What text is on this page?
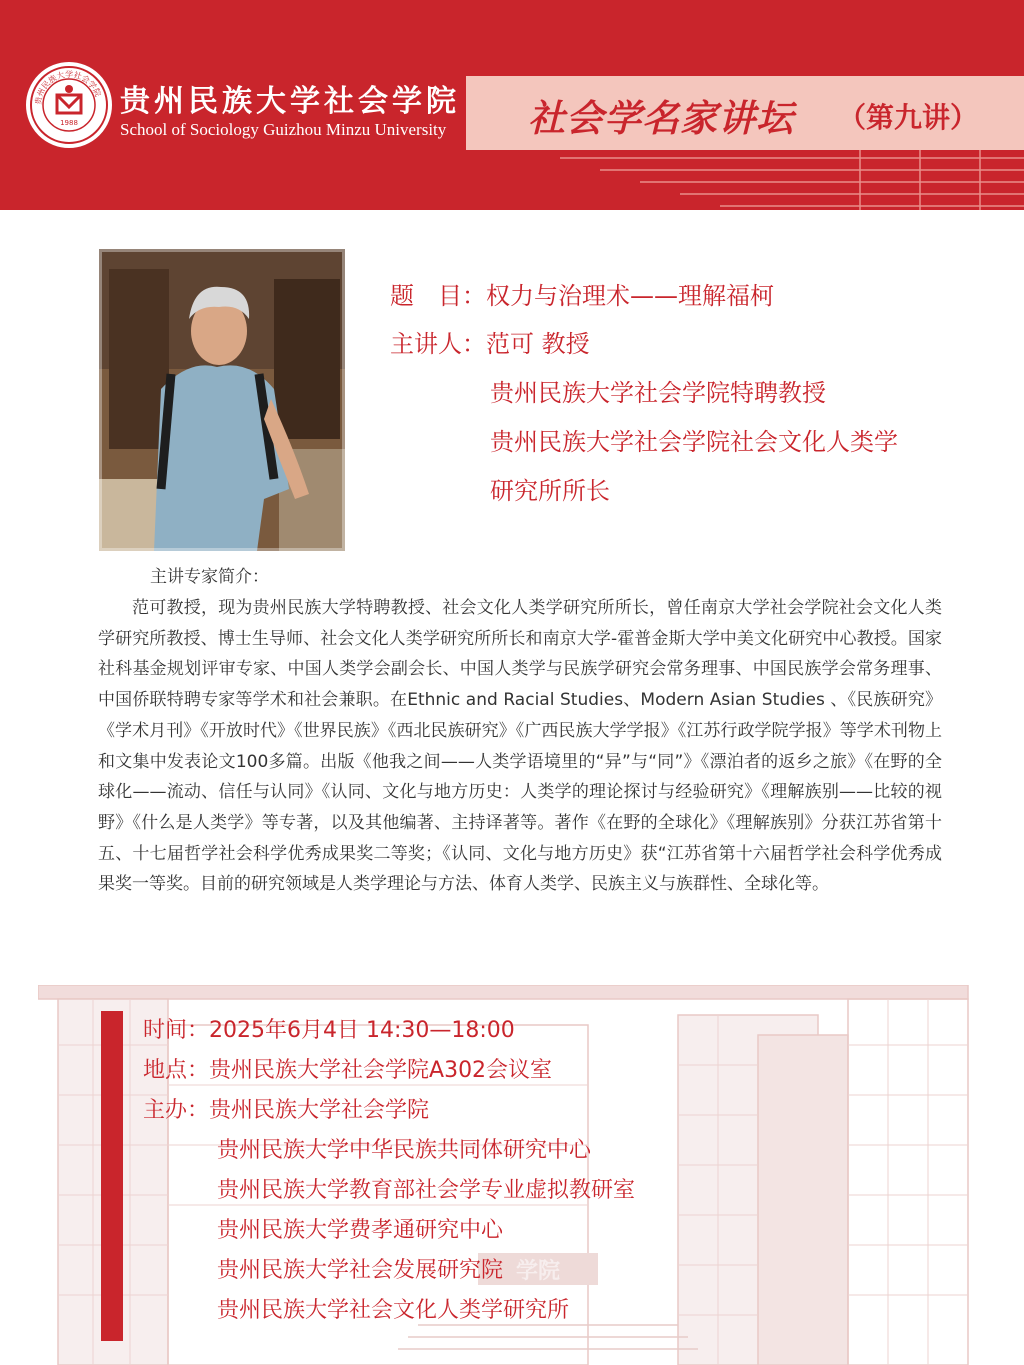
贵州民族大学社会学院
1988
贵州民族大学社会学院
School of Sociology Guizhou Minzu University 社会学名家讲坛 （第九讲）
题　目：权力与治理术——理解福柯
主讲人：范可 教授
贵州民族大学社会学院特聘教授
贵州民族大学社会学院社会文化人类学
研究所所长
主讲专家简介：

范可教授，现为贵州民族大学特聘教授、社会文化人类学研究所所长，曾任南京大学社会学院社会文化人类学研究所教授、博士生导师、社会文化人类学研究所所长和南京大学-霍普金斯大学中美文化研究中心教授。国家社科基金规划评审专家、中国人类学会副会长、中国人类学与民族学研究会常务理事、中国民族学会常务理事、中国侨联特聘专家等学术和社会兼职。在Ethnic and Racial Studies、Modern Asian Studies 、《民族研究》《学术月刊》《开放时代》《世界民族》《西北民族研究》《广西民族大学学报》《江苏行政学院学报》等学术刊物上和文集中发表论文100多篇。出版《他我之间——人类学语境里的“异”与“同”》《漂泊者的返乡之旅》《在野的全球化——流动、信任与认同》《认同、文化与地方历史：人类学的理论探讨与经验研究》《理解族别——比较的视野》《什么是人类学》等专著，以及其他编著、主持译著等。著作《在野的全球化》《理解族别》分获江苏省第十五、十七届哲学社会科学优秀成果奖二等奖；《认同、文化与地方历史》获“江苏省第十六届哲学社会科学优秀成果奖一等奖。目前的研究领域是人类学理论与方法、体育人类学、民族主义与族群性、全球化等。

学院
时间：2025年6月4日 14:30—18:00
地点：贵州民族大学社会学院A302会议室
主办：贵州民族大学社会学院
贵州民族大学中华民族共同体研究中心
贵州民族大学教育部社会学专业虚拟教研室
贵州民族大学费孝通研究中心
贵州民族大学社会发展研究院
贵州民族大学社会文化人类学研究所
